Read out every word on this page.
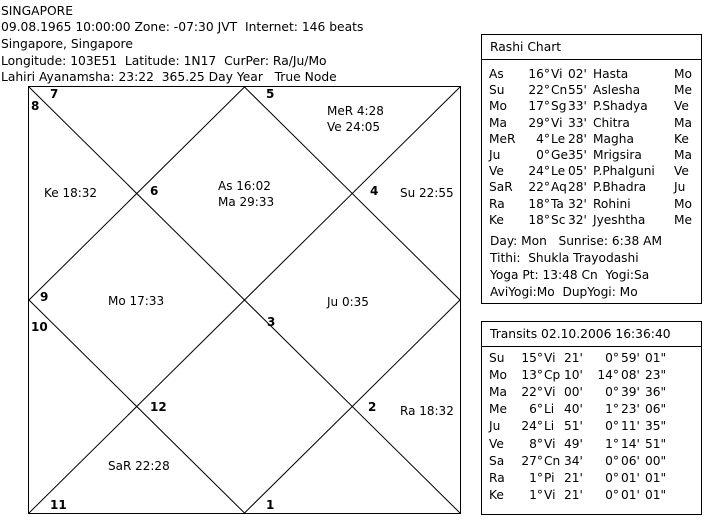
SINGAPORE
09.08.1965 10:00:00 Zone: -07:30 JVT  Internet: 146 beats
Singapore, Singapore
Longitude: 103E51  Latitude: 1N17  CurPer: Ra/Ju/Mo
Lahiri Ayanamsha: 23:22  365.25 Day Year   True Node
3
4
5
6
7
8
9
10
11
12
1
2
As 16:02
Ma 29:33
MeR 4:28
Ve 24:05
Ke 18:32
Mo 17:33
SaR 22:28
Ra 18:32
Ju 0:35
Su 22:55
Rashi Chart
As	16° Vi 02' Hasta	Mo
Su	22° Cn 55' Aslesha	Me
Mo	17° Sg 33' P.Shadya Ve
Ma	29° Vi 33' Chitra	Ma
MeR	4° Le 28' Magha	Ke
Ju	0° Ge 35' Mrigsira	Ma
Ve	24° Le 05' P.Phalguni Ve
SaR	22° Aq 28' P.Bhadra Ju
Ra	18° Ta 32' Rohini	Mo
Ke	18° Sc 32' Jyeshtha Me
Day: Mon   Sunrise: 6:38 AM
Tithi:  Shukla Trayodashi
Yoga Pt: 13:48 Cn  Yogi:Sa
AviYogi:Mo  DupYogi: Mo
Transits 02.10.2006 16:36:40
Su	15° Vi 21'	0° 59' 01"
Mo	13° Cp 10'	14° 08' 23"
Ma	22° Vi 00'	0° 39' 36"
Me	6° Li 40'	1° 23' 06"
Ju	24° Li 51'	0° 11' 35"
Ve	8° Vi 49'	1° 14' 51"
Sa	27° Cn 34'	0° 06' 00"
Ra	1° Pi 21'	0° 01' 01"
Ke	1° Vi 21'	0° 01' 01"
